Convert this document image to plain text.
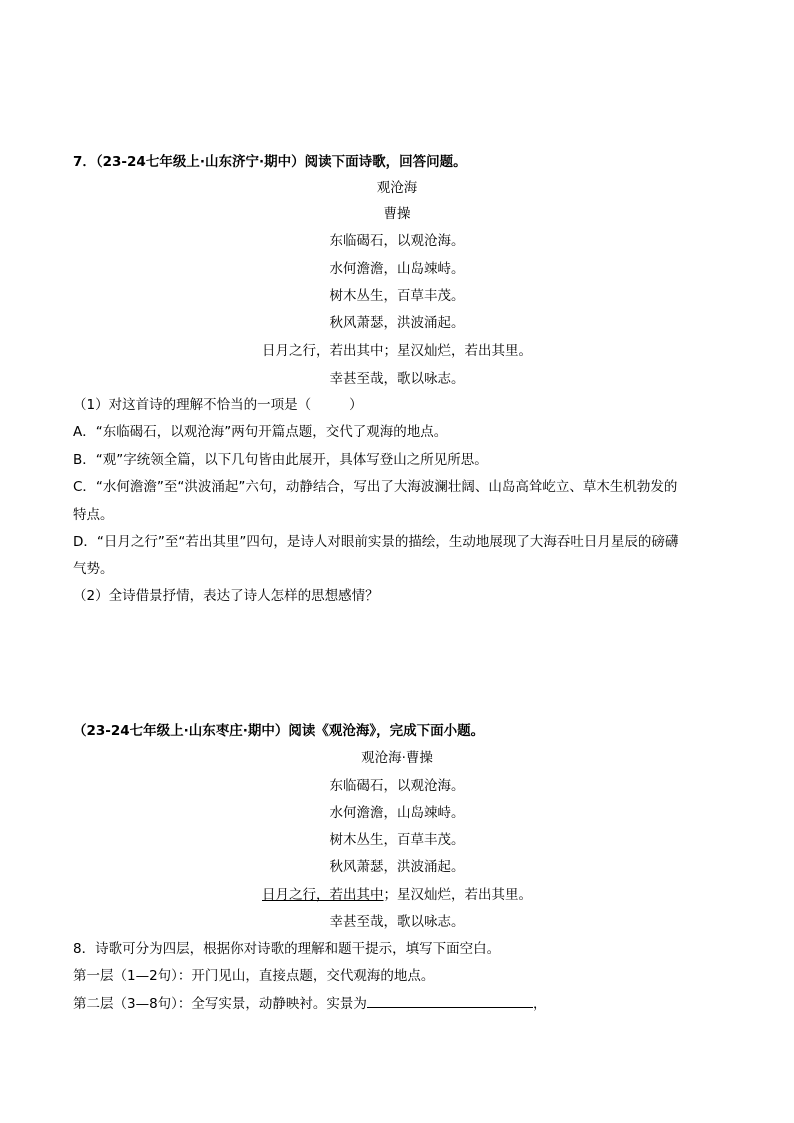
7．（23-24七年级上·山东济宁·期中）阅读下面诗歌，回答问题。
观沧海
曹操
东临碣石，以观沧海。
水何澹澹，山岛竦峙。
树木丛生，百草丰茂。
秋风萧瑟，洪波涌起。
日月之行，若出其中；星汉灿烂，若出其里。
幸甚至哉，歌以咏志。
（1）对这首诗的理解不恰当的一项是（	）
A．“东临碣石，以观沧海”两句开篇点题，交代了观海的地点。
B．“观”字统领全篇，以下几句皆由此展开，具体写登山之所见所思。
C．“水何澹澹”至“洪波涌起”六句，动静结合，写出了大海波澜壮阔、山岛高耸屹立、草木生机勃发的
特点。
D．“日月之行”至“若出其里”四句，是诗人对眼前实景的描绘，生动地展现了大海吞吐日月星辰的磅礴
气势。
（2）全诗借景抒情，表达了诗人怎样的思想感情？
（23-24七年级上·山东枣庄·期中）阅读《观沧海》，完成下面小题。
观沧海·曹操
东临碣石，以观沧海。
水何澹澹，山岛竦峙。
树木丛生，百草丰茂。
秋风萧瑟，洪波涌起。
日月之行，若出其中；星汉灿烂，若出其里。
幸甚至哉，歌以咏志。
8．诗歌可分为四层，根据你对诗歌的理解和题干提示，填写下面空白。
第一层（1—2句）：开门见山，直接点题，交代观海的地点。
第二层（3—8句）：全写实景，动静映衬。实景为	，
